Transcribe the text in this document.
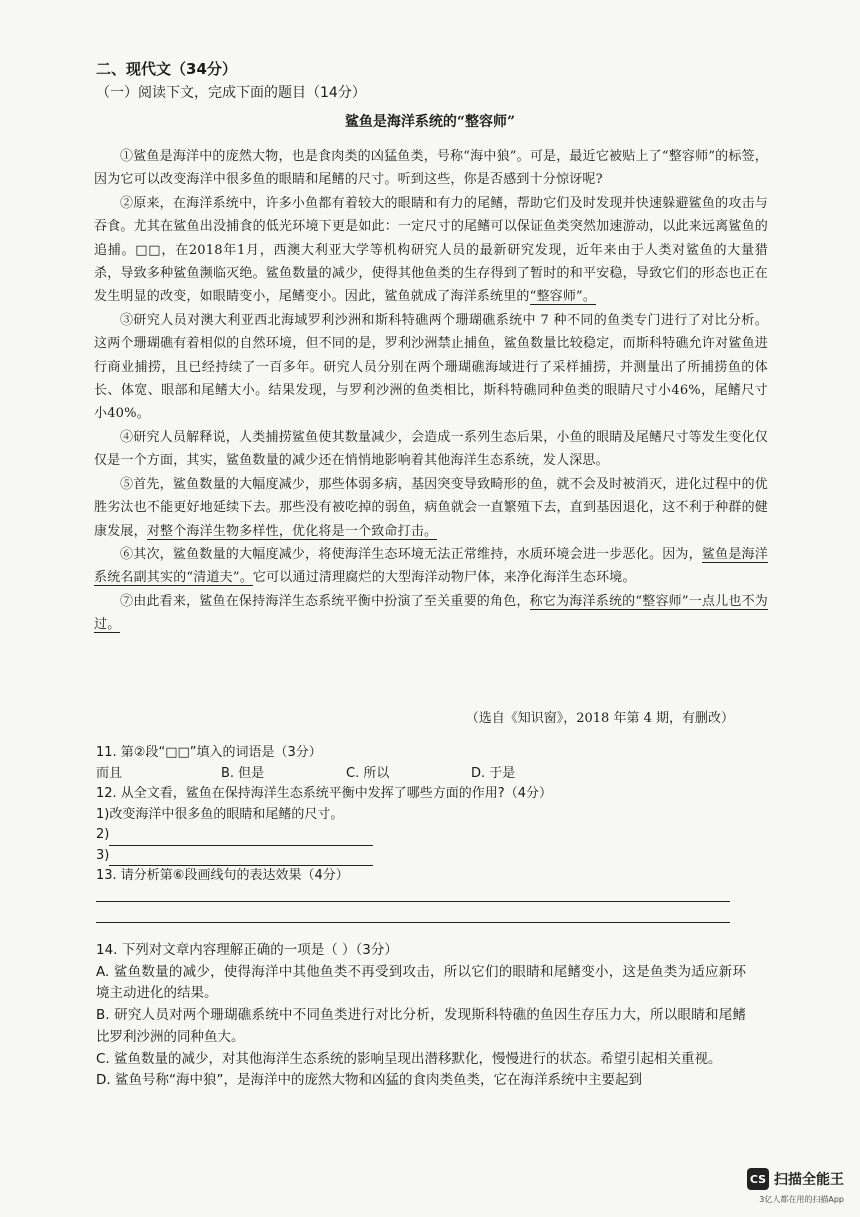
二、现代文（34分）
（一）阅读下文，完成下面的题目（14分）
鲨鱼是海洋系统的“整容师”

①鲨鱼是海洋中的庞然大物，也是食肉类的凶猛鱼类，号称“海中狼”。可是，最近它被贴上了“整容师”的标签，因为它可以改变海洋中很多鱼的眼睛和尾鳍的尺寸。听到这些，你是否感到十分惊讶呢?

②原来，在海洋系统中，许多小鱼都有着较大的眼睛和有力的尾鳍，帮助它们及时发现并快速躲避鲨鱼的攻击与吞食。尤其在鲨鱼出没捕食的低光环境下更是如此：一定尺寸的尾鳍可以保证鱼类突然加速游动，以此来远离鲨鱼的追捕。□□，在2018年1月，西澳大利亚大学等机构研究人员的最新研究发现，近年来由于人类对鲨鱼的大量猎杀，导致多种鲨鱼濒临灭绝。鲨鱼数量的减少，使得其他鱼类的生存得到了暂时的和平安稳，导致它们的形态也正在发生明显的改变，如眼睛变小，尾鳍变小。因此，鲨鱼就成了海洋系统里的“整容师”。

③研究人员对澳大利亚西北海域罗利沙洲和斯科特礁两个珊瑚礁系统中 7 种不同的鱼类专门进行了对比分析。这两个珊瑚礁有着相似的自然环境，但不同的是，罗利沙洲禁止捕鱼，鲨鱼数量比较稳定，而斯科特礁允许对鲨鱼进行商业捕捞，且已经持续了一百多年。研究人员分别在两个珊瑚礁海域进行了采样捕捞，并测量出了所捕捞鱼的体长、体宽、眼部和尾鳍大小。结果发现，与罗利沙洲的鱼类相比，斯科特礁同种鱼类的眼睛尺寸小46%，尾鳍尺寸小40%。

④研究人员解释说，人类捕捞鲨鱼使其数量减少，会造成一系列生态后果，小鱼的眼睛及尾鳍尺寸等发生变化仅仅是一个方面，其实，鲨鱼数量的减少还在悄悄地影响着其他海洋生态系统，发人深思。

⑤首先，鲨鱼数量的大幅度减少，那些体弱多病，基因突变导致畸形的鱼，就不会及时被消灭，进化过程中的优胜劣汰也不能更好地延续下去。那些没有被吃掉的弱鱼，病鱼就会一直繁殖下去，直到基因退化，这不利于种群的健康发展，对整个海洋生物多样性，优化将是一个致命打击。

⑥其次，鲨鱼数量的大幅度减少，将使海洋生态环境无法正常维持，水质环境会进一步恶化。因为，鲨鱼是海洋系统名副其实的“清道夫”。它可以通过清理腐烂的大型海洋动物尸体，来净化海洋生态环境。

⑦由此看来，鲨鱼在保持海洋生态系统平衡中扮演了至关重要的角色，称它为海洋系统的“整容师”一点儿也不为过。

（选自《知识窗》，2018 年第 4 期，有删改）
11. 第②段“□□”填入的词语是（3分）
而且	B. 但是	C. 所以	D. 于是
12. 从全文看，鲨鱼在保持海洋生态系统平衡中发挥了哪些方面的作用?（4分）
1)改变海洋中很多鱼的眼睛和尾鳍的尺寸。
2)
3)
13. 请分析第⑥段画线句的表达效果（4分）

14. 下列对文章内容理解正确的一项是（ ）（3分）

A. 鲨鱼数量的减少，使得海洋中其他鱼类不再受到攻击，所以它们的眼睛和尾鳍变小，这是鱼类为适应新环境主动进化的结果。

B. 研究人员对两个珊瑚礁系统中不同鱼类进行对比分析，发现斯科特礁的鱼因生存压力大，所以眼睛和尾鳍比罗利沙洲的同种鱼大。

C. 鲨鱼数量的减少，对其他海洋生态系统的影响呈现出潜移默化，慢慢进行的状态。希望引起相关重视。

D. 鲨鱼号称“海中狼”，是海洋中的庞然大物和凶猛的食肉类鱼类，它在海洋系统中主要起到

CS 扫描全能王
3亿人都在用的扫描App
